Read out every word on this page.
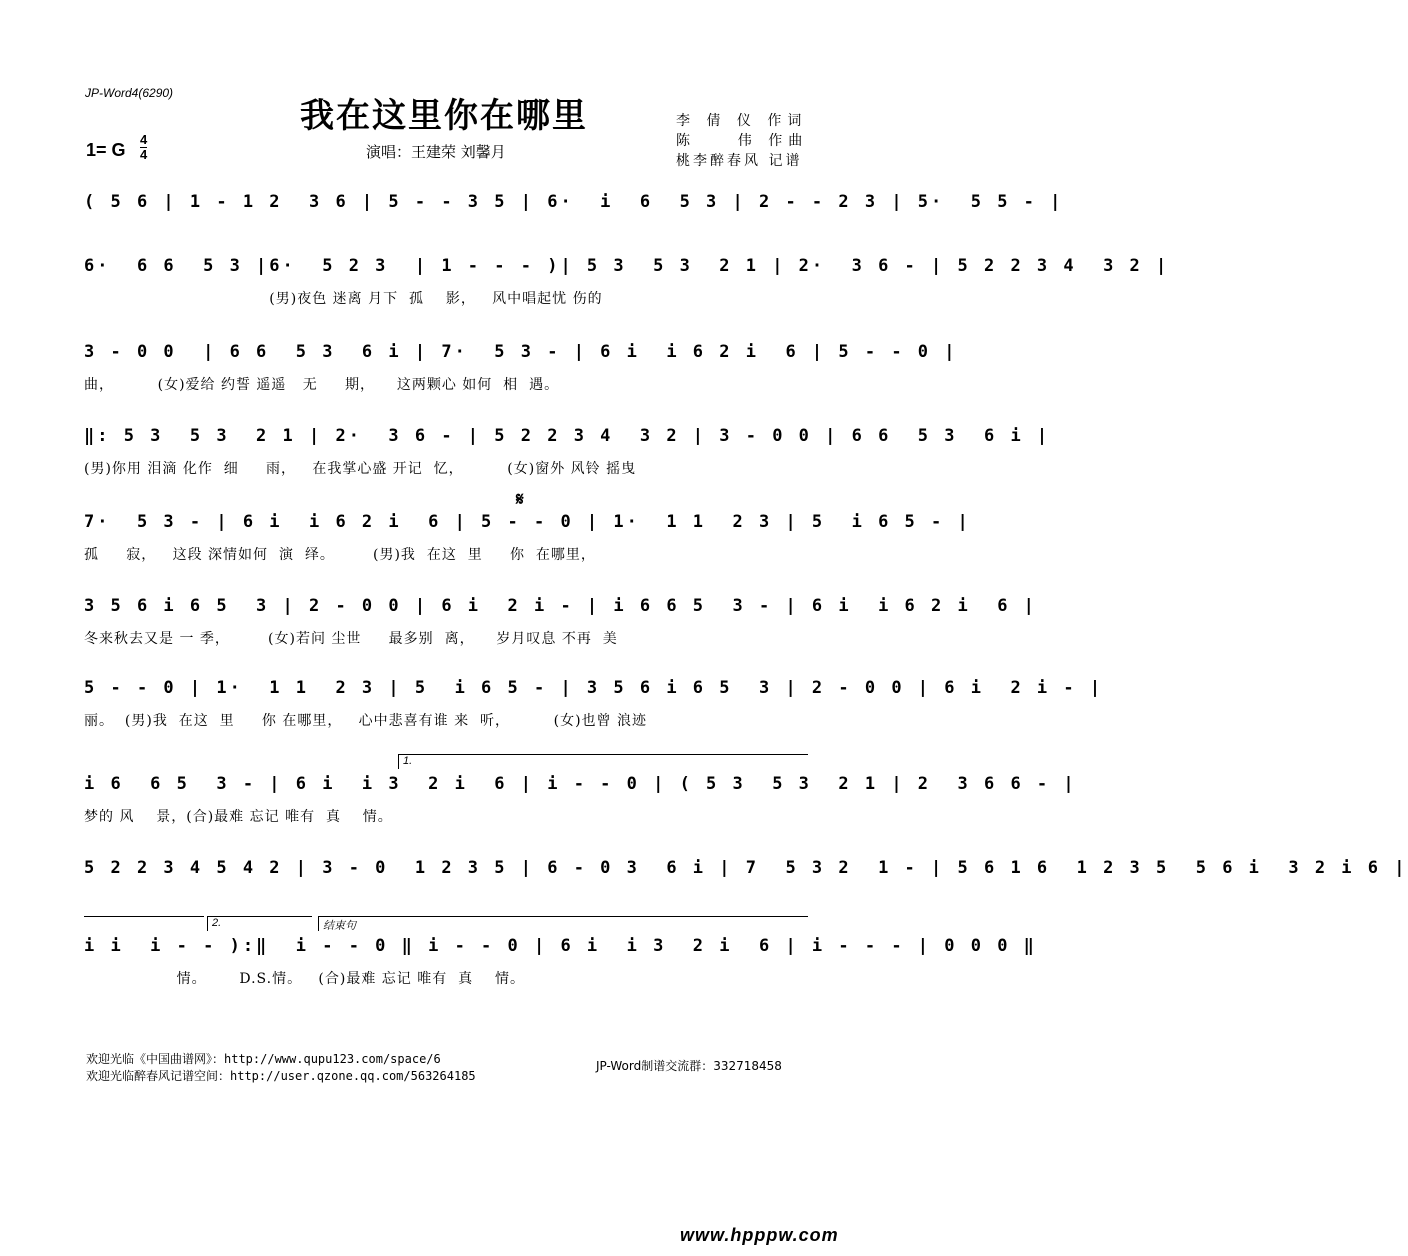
JP-Word4(6290)
我在这里你在哪里	李 倩 仪 作词
陈    伟 作曲
桃李醉春风 记谱
1= G
4
4	演唱：王建荣 刘馨月
( 5 6 | 1 - 1 2  3 6 | 5 - - 3 5 | 6·  i  6  5 3 | 2 - - 2 3 | 5·  5 5 - |
6·  6 6  5 3 |6·  5 2 3  | 1 - - - )| 5 3  5 3  2 1 | 2·  3 6 - | 5 2 2 3 4  3 2 |
(男)夜色 迷离 月下  孤    影，   风中唱起忧 伤的
3 - 0 0  | 6 6  5 3  6 i | 7·  5 3 - | 6 i  i 6 2 i  6 | 5 - - 0 |
曲，        (女)爱给 约誓 遥遥   无     期，    这两颗心 如何  相  遇。
‖: 5 3  5 3  2 1 | 2·  3 6 - | 5 2 2 3 4  3 2 | 3 - 0 0 | 6 6  5 3  6 i |
(男)你用 泪滴 化作  细     雨，   在我掌心盛 开记  忆，        (女)窗外 风铃 摇曳
𝄋
7·  5 3 - | 6 i  i 6 2 i  6 | 5 - - 0 | 1·  1 1  2 3 | 5  i 6 5 - |
孤     寂，   这段 深情如何  演  绎。       (男)我  在这  里     你  在哪里，
3 5 6 i 6 5  3 | 2 - 0 0 | 6 i  2 i - | i 6 6 5  3 - | 6 i  i 6 2 i  6 |
冬来秋去又是 一 季，       (女)若问 尘世     最多别  离，    岁月叹息 不再  美
5 - - 0 | 1·  1 1  2 3 | 5  i 6 5 - | 3 5 6 i 6 5  3 | 2 - 0 0 | 6 i  2 i - |
丽。  (男)我  在这  里     你 在哪里，   心中悲喜有谁 来  听，        (女)也曾 浪迹
1.
i 6  6 5  3 - | 6 i  i 3  2 i  6 | i - - 0 | ( 5 3  5 3  2 1 | 2  3 6 6 - |
梦的 风    景，(合)最难 忘记 唯有  真    情。
5 2 2 3 4 5 4 2 | 3 - 0  1 2 3 5 | 6 - 0 3  6 i | 7  5 3 2  1 - | 5 6 1 6  1 2 3 5  5 6 i  3 2 i 6 |
2.	结束句
i i  i - - ):‖  i - - 0 ‖ i - - 0 | 6 i  i 3  2 i  6 | i - - - | 0 0 0 ‖
情。      D.S.情。   (合)最难 忘记 唯有  真    情。
欢迎光临《中国曲谱网》：http://www.qupu123.com/space/6
欢迎光临醉春风记谱空间：http://user.qzone.qq.com/563264185
JP-Word制谱交流群：332718458
www.hpppw.com
